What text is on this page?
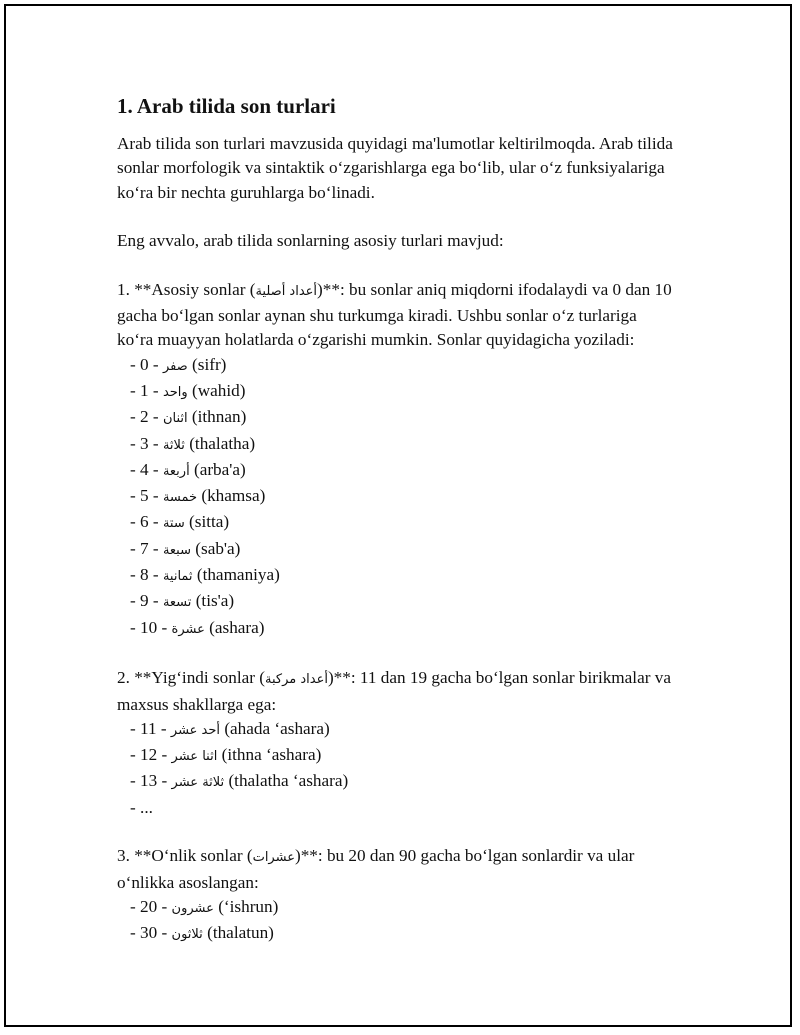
1. Arab tilida son turlari

Arab tilida son turlari mavzusida quyidagi ma'lumotlar keltirilmoqda. Arab tilida sonlar morfologik va sintaktik o‘zgarishlarga ega bo‘lib, ular o‘z funksiyalariga ko‘ra bir nechta guruhlarga bo‘linadi.

Eng avvalo, arab tilida sonlarning asosiy turlari mavjud:

1. **Asosiy sonlar (أعداد أصلية)**: bu sonlar aniq miqdorni ifodalaydi va 0 dan 10 gacha bo‘lgan sonlar aynan shu turkumga kiradi. Ushbu sonlar o‘z turlariga ko‘ra muayyan holatlarda o‘zgarishi mumkin. Sonlar quyidagicha yoziladi:

- 0 - صفر (sifr)
- 1 - واحد (wahid)
- 2 - اثنان (ithnan)
- 3 - ثلاثة (thalatha)
- 4 - أربعة (arba'a)
- 5 - خمسة (khamsa)
- 6 - ستة (sitta)
- 7 - سبعة (sab'a)
- 8 - ثمانية (thamaniya)
- 9 - تسعة (tis'a)
- 10 - عشرة (ashara)

2. **Yig‘indi sonlar (أعداد مركبة)**: 11 dan 19 gacha bo‘lgan sonlar birikmalar va maxsus shakllarga ega:

- 11 - أحد عشر (ahada ‘ashara)
- 12 - اثنا عشر (ithna ‘ashara)
- 13 - ثلاثة عشر (thalatha ‘ashara)
- ...

3. **O‘nlik sonlar (عشرات)**: bu 20 dan 90 gacha bo‘lgan sonlardir va ular o‘nlikka asoslangan:

- 20 - عشرون (‘ishrun)
- 30 - ثلاثون (thalatun)
